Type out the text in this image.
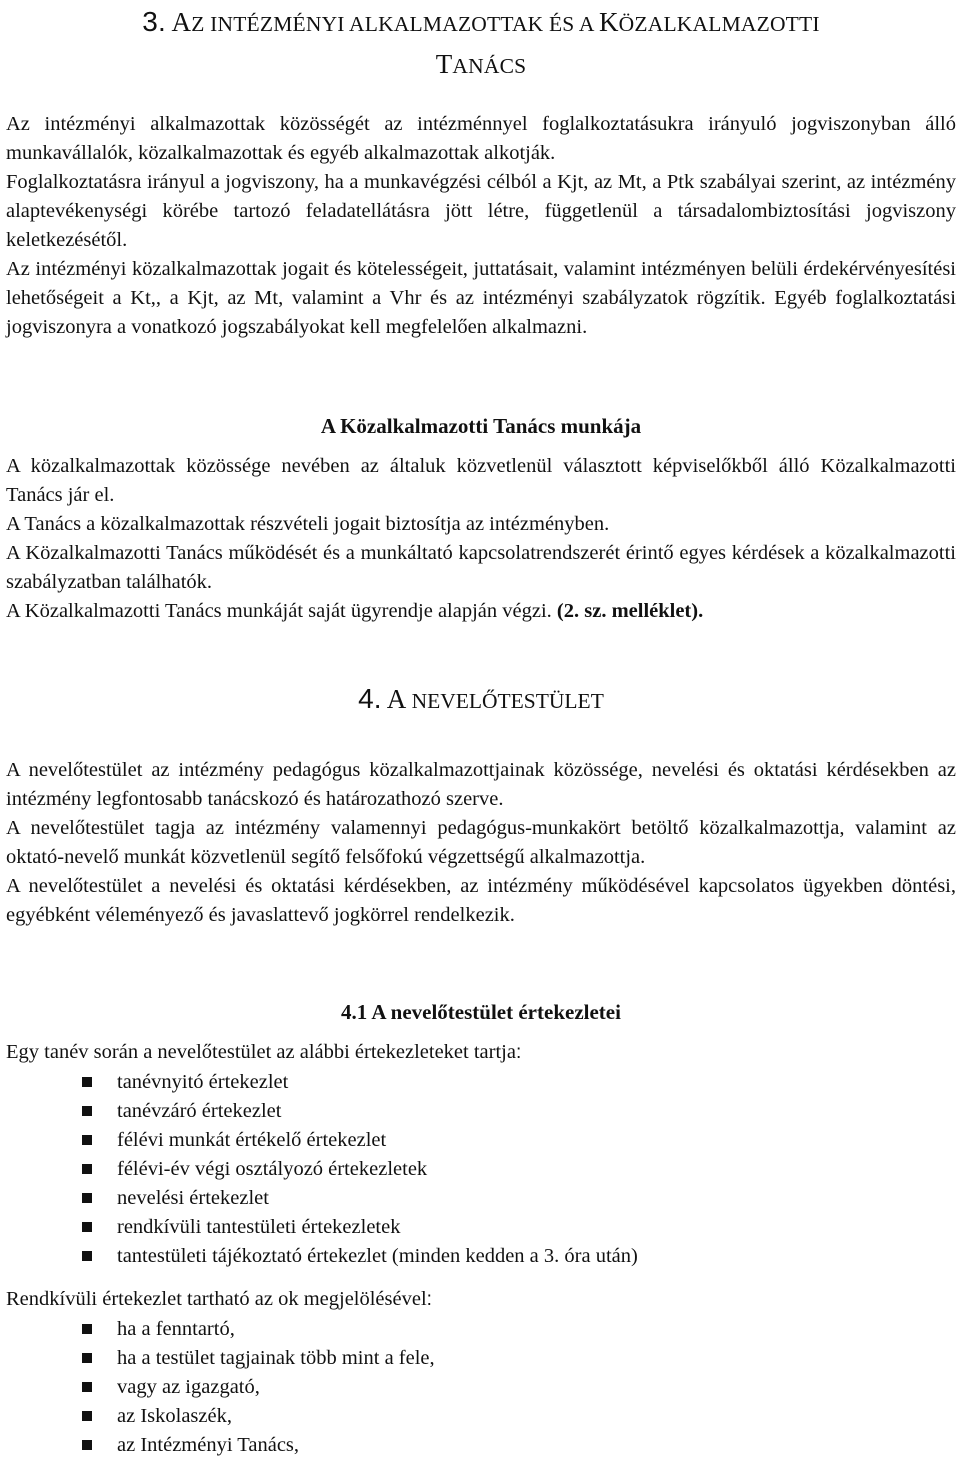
3. AZ INTÉZMÉNYI ALKALMAZOTTAK ÉS A KÖZALKALMAZOTTI
TANÁCS

Az intézményi alkalmazottak közösségét az intézménnyel foglalkoztatásukra irányuló jogviszonyban álló munkavállalók, közalkalmazottak és egyéb alkalmazottak alkotják.

Foglalkoztatásra irányul a jogviszony, ha a munkavégzési célból a Kjt, az Mt, a Ptk szabályai szerint, az intézmény alaptevékenységi körébe tartozó feladatellátásra jött létre, függetlenül a társadalombiztosítási jogviszony keletkezésétől.

Az intézményi közalkalmazottak jogait és kötelességeit, juttatásait, valamint intézményen belüli érdekérvényesítési lehetőségeit a Kt,, a Kjt, az Mt, valamint a Vhr és az intézményi szabályzatok rögzítik. Egyéb foglalkoztatási jogviszonyra a vonatkozó jogszabályokat kell megfelelően alkalmazni.

A Közalkalmazotti Tanács munkája

A közalkalmazottak közössége nevében az általuk közvetlenül választott képviselőkből álló Közalkalmazotti Tanács jár el.

A Tanács a közalkalmazottak részvételi jogait biztosítja az intézményben.

A Közalkalmazotti Tanács működését és a munkáltató kapcsolatrendszerét érintő egyes kérdések a közalkalmazotti szabályzatban találhatók.

A Közalkalmazotti Tanács munkáját saját ügyrendje alapján végzi. (2. sz. melléklet).

4. A NEVELŐTESTÜLET

A nevelőtestület az intézmény pedagógus közalkalmazottjainak közössége, nevelési és oktatási kérdésekben az intézmény legfontosabb tanácskozó és határozathozó szerve.

A nevelőtestület tagja az intézmény valamennyi pedagógus-munkakört betöltő közalkalmazottja, valamint az oktató-nevelő munkát közvetlenül segítő felsőfokú végzettségű alkalmazottja.

A nevelőtestület a nevelési és oktatási kérdésekben, az intézmény működésével kapcsolatos ügyekben döntési, egyébként véleményező és javaslattevő jogkörrel rendelkezik.

4.1 A nevelőtestület értekezletei

Egy tanév során a nevelőtestület az alábbi értekezleteket tartja:

tanévnyitó értekezlet
tanévzáró értekezlet
félévi munkát értékelő értekezlet
félévi-év végi osztályozó értekezletek
nevelési értekezlet
rendkívüli tantestületi értekezletek
tantestületi tájékoztató értekezlet (minden kedden a 3. óra után)

Rendkívüli értekezlet tartható az ok megjelölésével:

ha a fenntartó,
ha a testület tagjainak több mint a fele,
vagy az igazgató,
az Iskolaszék,
az Intézményi Tanács,
